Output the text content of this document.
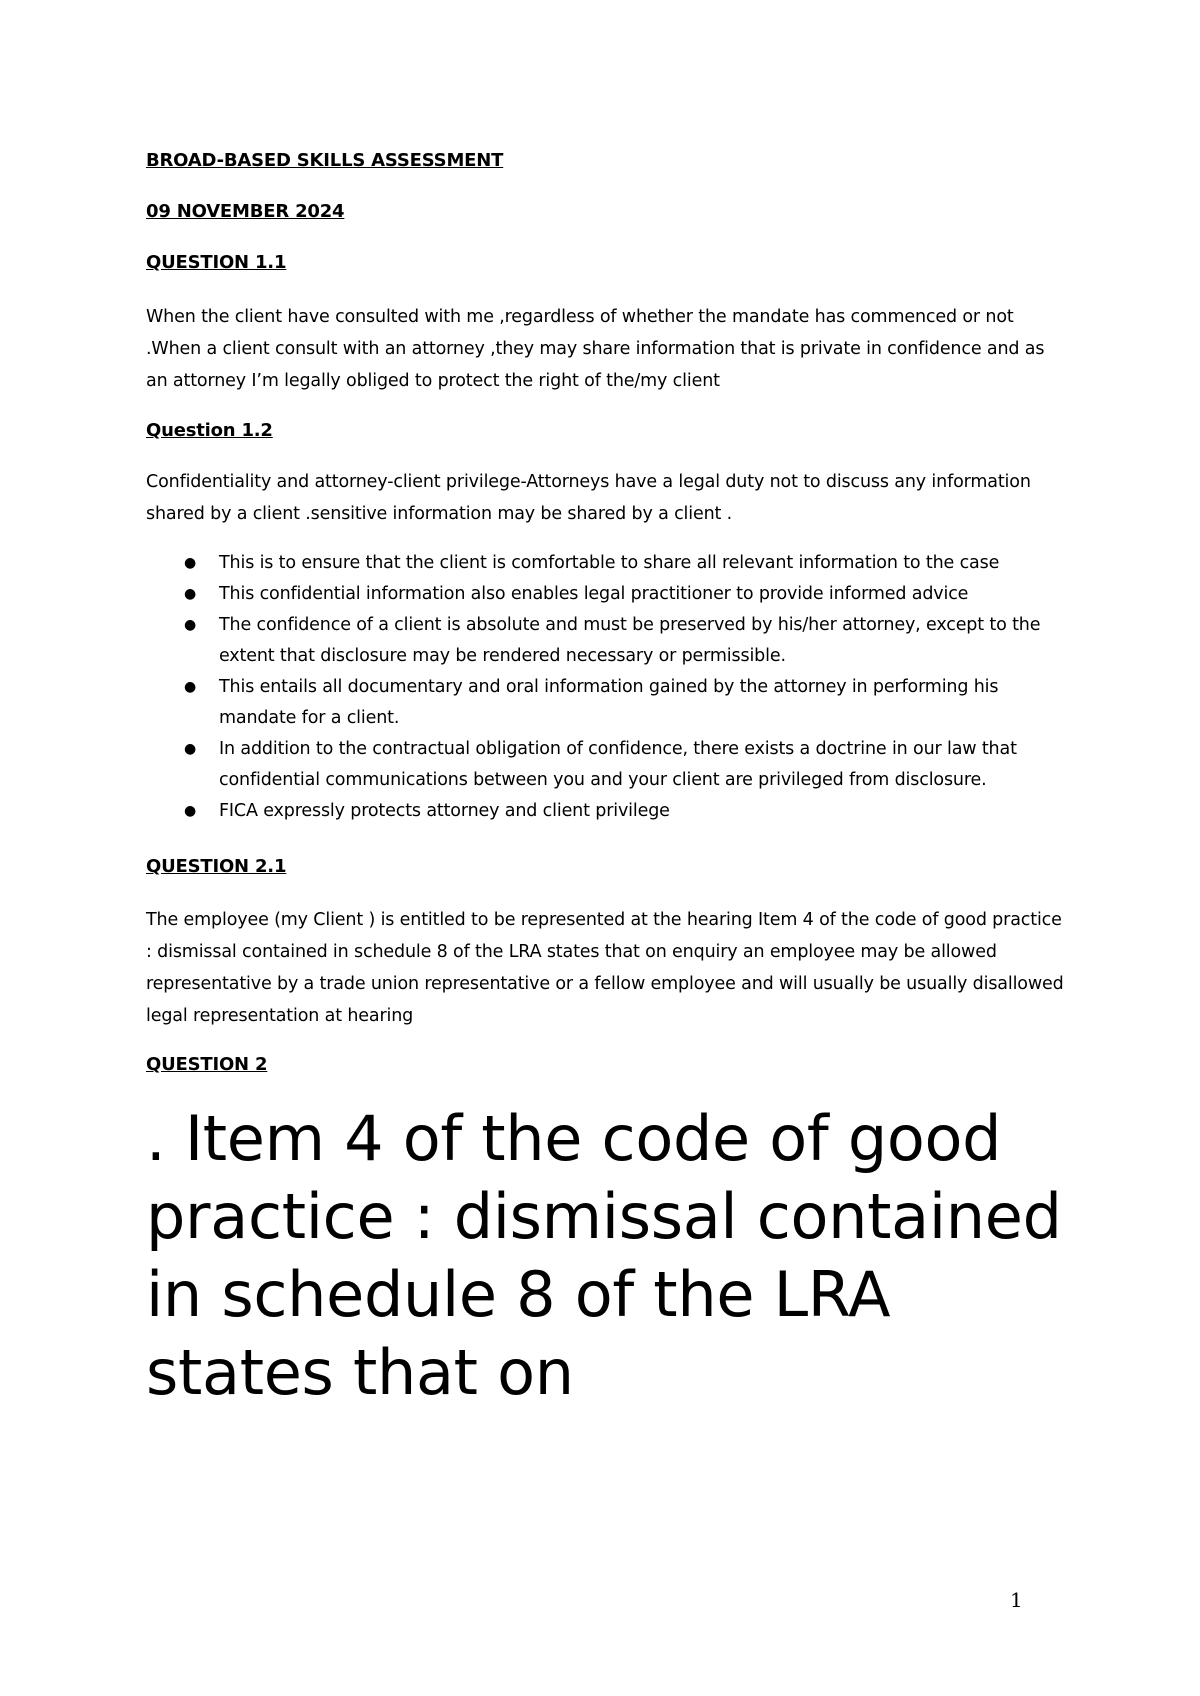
BROAD-BASED SKILLS ASSESSMENT
09 NOVEMBER 2024
QUESTION 1.1
When the client have consulted with me ,regardless of whether the mandate has commenced or not .When a client consult with an attorney ,they may share information that is private in confidence and as an attorney I’m legally obliged to protect the right of the/my client
Question 1.2
Confidentiality and attorney-client privilege-Attorneys have a legal duty not to discuss any information shared by a client .sensitive information may be shared by a client .
● This is to ensure that the client is comfortable to share all relevant information to the case
● This confidential information also enables legal practitioner to provide informed advice
● The confidence of a client is absolute and must be preserved by his/her attorney, except to the extent that disclosure may be rendered necessary or permissible.
● This entails all documentary and oral information gained by the attorney in performing his mandate for a client.
● In addition to the contractual obligation of confidence, there exists a doctrine in our law that confidential communications between you and your client are privileged from disclosure.
● FICA expressly protects attorney and client privilege
QUESTION 2.1
The employee (my Client ) is entitled to be represented at the hearing Item 4 of the code of good practice : dismissal contained in schedule 8 of the LRA states that on enquiry an employee may be allowed representative by a trade union representative or a fellow employee and will usually be usually disallowed legal representation at hearing
QUESTION 2
. Item 4 of the code of good practice : dismissal contained in schedule 8 of the LRA states that on
1
